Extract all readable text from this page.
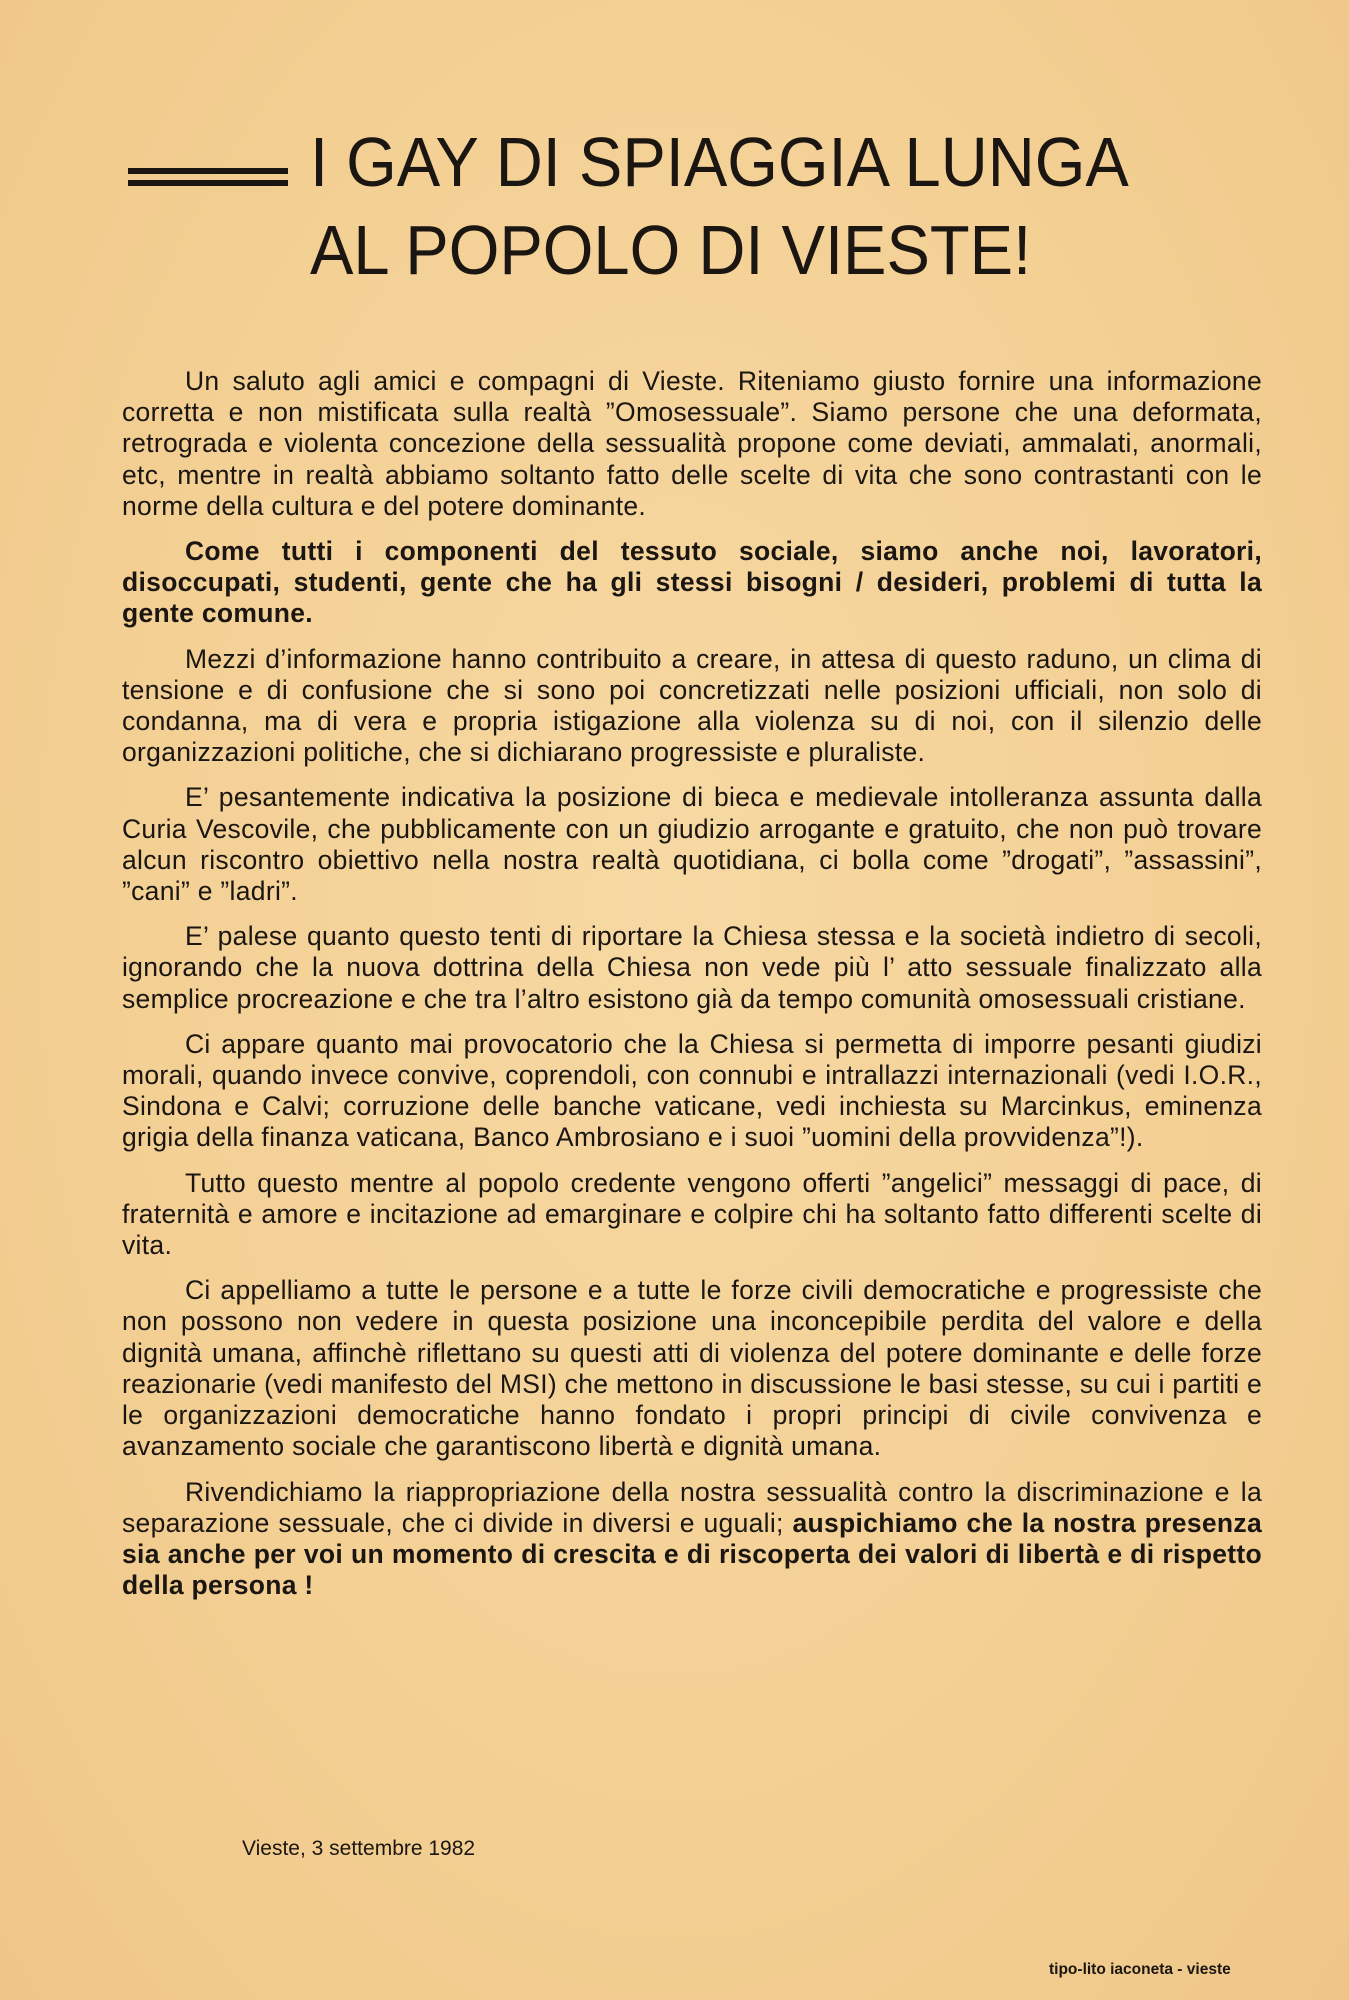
I GAY DI SPIAGGIA LUNGA
AL POPOLO DI VIESTE!

Un saluto agli amici e compagni di Vieste. Riteniamo giusto fornire una informazione corretta e non mistificata sulla realtà ”Omosessuale”. Siamo persone che una deformata, retrograda e violenta concezione della sessualità propone come deviati, ammalati, anormali, etc, mentre in realtà abbiamo soltanto fatto delle scelte di vita che sono contrastanti con le norme della cultura e del potere dominante.

Come tutti i componenti del tessuto sociale, siamo anche noi, lavoratori, disoccupati, studenti, gente che ha gli stessi bisogni / desideri, problemi di tutta la gente comune.

Mezzi d’informazione hanno contribuito a creare, in attesa di questo raduno, un clima di tensione e di confusione che si sono poi concretizzati nelle posizioni ufficiali, non solo di condanna, ma di vera e propria istigazione alla violenza su di noi, con il silenzio delle organizzazioni politiche, che si dichiarano progressiste e pluraliste.

E’ pesantemente indicativa la posizione di bieca e medievale intolleranza assunta dalla Curia Vescovile, che pubblicamente con un giudizio arrogante e gratuito, che non può trovare alcun riscontro obiettivo nella nostra realtà quotidiana, ci bolla come ”drogati”, ”assassini”, ”cani” e ”ladri”.

E’ palese quanto questo tenti di riportare la Chiesa stessa e la società indietro di secoli, ignorando che la nuova dottrina della Chiesa non vede più l’ atto sessuale finalizzato alla semplice procreazione e che tra l’altro esistono già da tempo comunità omosessuali cristiane.

Ci appare quanto mai provocatorio che la Chiesa si permetta di imporre pesanti giudizi morali, quando invece convive, coprendoli, con connubi e intrallazzi internazionali (vedi I.O.R., Sindona e Calvi; corruzione delle banche vaticane, vedi inchiesta su Marcinkus, eminenza grigia della finanza vaticana, Banco Ambrosiano e i suoi ”uomini della provvidenza”!).

Tutto questo mentre al popolo credente vengono offerti ”angelici” messaggi di pace, di fraternità e amore e incitazione ad emarginare e colpire chi ha soltanto fatto differenti scelte di vita.

Ci appelliamo a tutte le persone e a tutte le forze civili democratiche e progressiste che non possono non vedere in questa posizione una inconcepibile perdita del valore e della dignità umana, affinchè riflettano su questi atti di violenza del potere dominante e delle forze reazionarie (vedi manifesto del MSI) che mettono in discussione le basi stesse, su cui i partiti e le organizzazioni democratiche hanno fondato i propri principi di civile convivenza e avanzamento sociale che garantiscono libertà e dignità umana.

Rivendichiamo la riappropriazione della nostra sessualità contro la discriminazione e la separazione sessuale, che ci divide in diversi e uguali; auspichiamo che la nostra presenza sia anche per voi un momento di crescita e di riscoperta dei valori di libertà e di rispetto della persona !

Vieste, 3 settembre 1982
tipo-lito iaconeta - vieste
